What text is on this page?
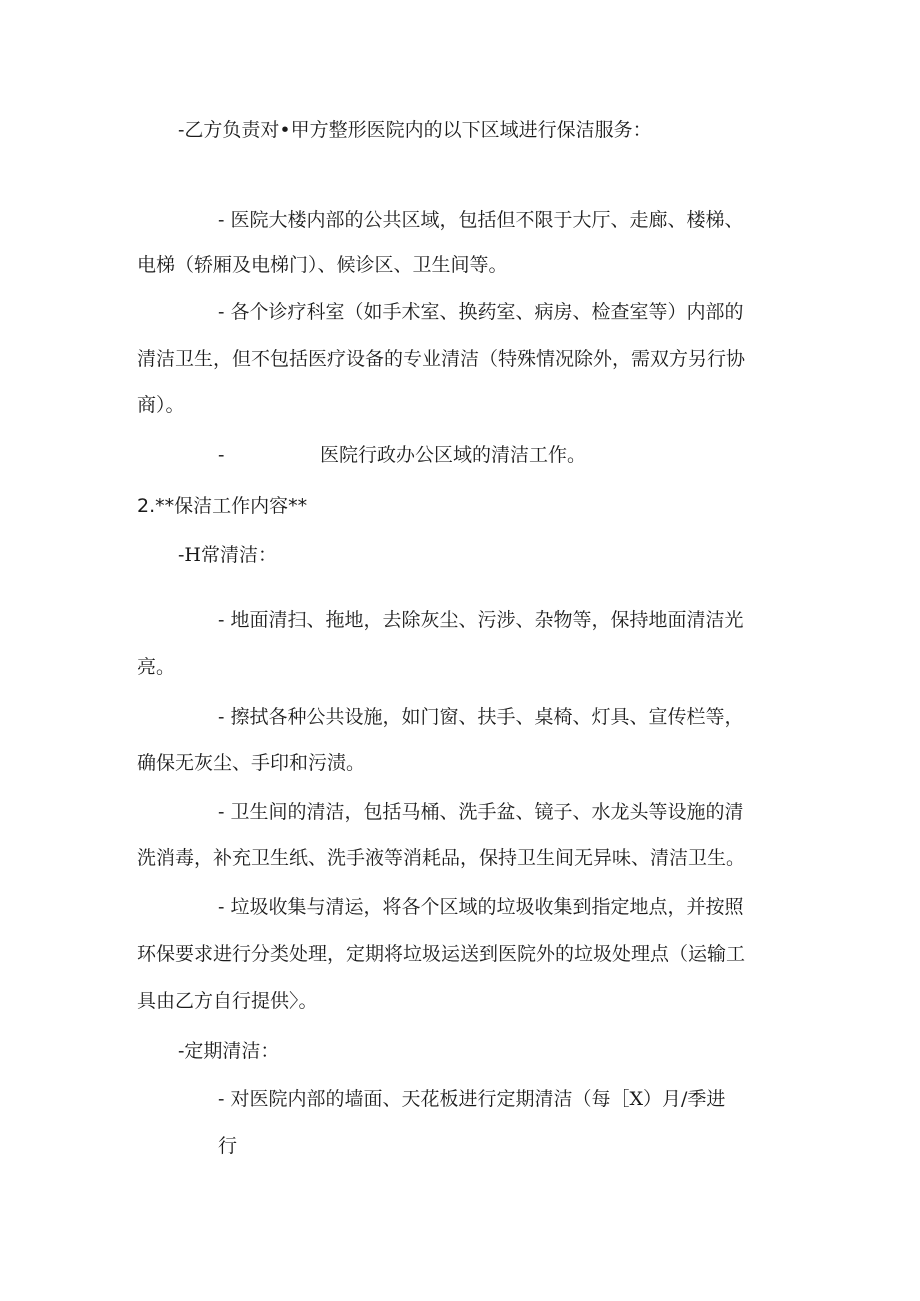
-乙方负责对•甲方整形医院内的以下区域进行保洁服务：
- 医院大楼内部的公共区域，包括但不限于大厅、走廊、楼梯、
电梯（轿厢及电梯门）、候诊区、卫生间等。
- 各个诊疗科室（如手术室、换药室、病房、检查室等）内部的
清洁卫生，但不包括医疗设备的专业清洁（特殊情况除外，需双方另行协
商）。
-	医院行政办公区域的清洁工作。
2.**保洁工作内容**
-H常清洁：
- 地面清扫、拖地，去除灰尘、污涉、杂物等，保持地面清洁光
亮。
- 擦拭各种公共设施，如门窗、扶手、桌椅、灯具、宣传栏等，
确保无灰尘、手印和污渍。
- 卫生间的清洁，包括马桶、洗手盆、镜子、水龙头等设施的清
洗消毒，补充卫生纸、洗手液等消耗品，保持卫生间无异味、清洁卫生。
- 垃圾收集与清运，将各个区域的垃圾收集到指定地点，并按照
环保要求进行分类处理，定期将垃圾运送到医院外的垃圾处理点（运输工
具由乙方自行提供〉。
-定期清洁：
- 对医院内部的墙面、天花板进行定期清洁（每［X）月/季进
行
